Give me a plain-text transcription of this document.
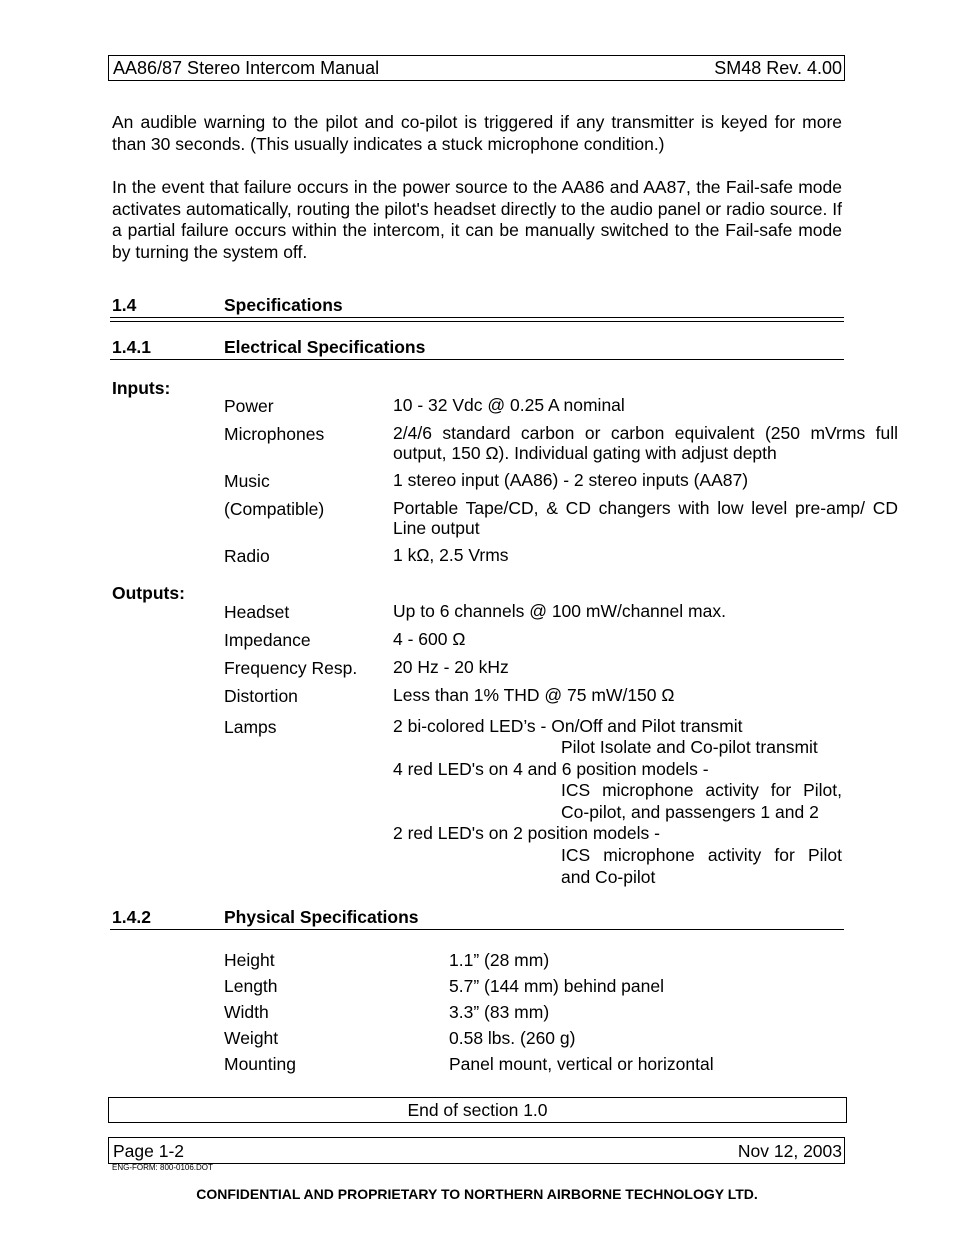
AA86/87 Stereo Intercom Manual	SM48 Rev. 4.00
An audible warning to the pilot and co-pilot is triggered if any transmitter is keyed for more than 30 seconds. (This usually indicates a stuck microphone condition.)
In the event that failure occurs in the power source to the AA86 and AA87, the Fail-safe mode activates automatically, routing the pilot's headset directly to the audio panel or radio source. If a partial failure occurs within the intercom, it can be manually switched to the Fail-safe mode by turning the system off.
1.4	Specifications
1.4.1	Electrical Specifications
Inputs:
Power	10 - 32 Vdc @ 0.25 A nominal
Microphones	2/4/6 standard carbon or carbon equivalent (250 mVrms full output, 150 Ω). Individual gating with adjust depth
Music	1 stereo input (AA86) - 2 stereo inputs (AA87)
(Compatible)	Portable Tape/CD, & CD changers with low level pre-amp/ CD Line output
Radio	1 kΩ, 2.5 Vrms
Outputs:
Headset	Up to 6 channels @ 100 mW/channel max.
Impedance	4 - 600 Ω
Frequency Resp. 20 Hz - 20 kHz
Distortion	Less than 1% THD @ 75 mW/150 Ω
Lamps	2 bi-colored LED’s - On/Off and Pilot transmit
Pilot Isolate and Co-pilot transmit
4 red LED's on 4 and 6 position models -
ICS microphone activity for Pilot, Co-pilot, and passengers 1 and 2
2 red LED's on 2 position models -
ICS microphone activity for Pilot and Co-pilot
1.4.2	Physical Specifications
Height	1.1” (28 mm)
Length	5.7” (144 mm) behind panel
Width	3.3” (83 mm)
Weight	0.58 lbs. (260 g)
Mounting	Panel mount, vertical or horizontal
End of section 1.0
Page 1-2	Nov 12, 2003
ENG-FORM: 800-0106.DOT
CONFIDENTIAL AND PROPRIETARY TO NORTHERN AIRBORNE TECHNOLOGY LTD.
